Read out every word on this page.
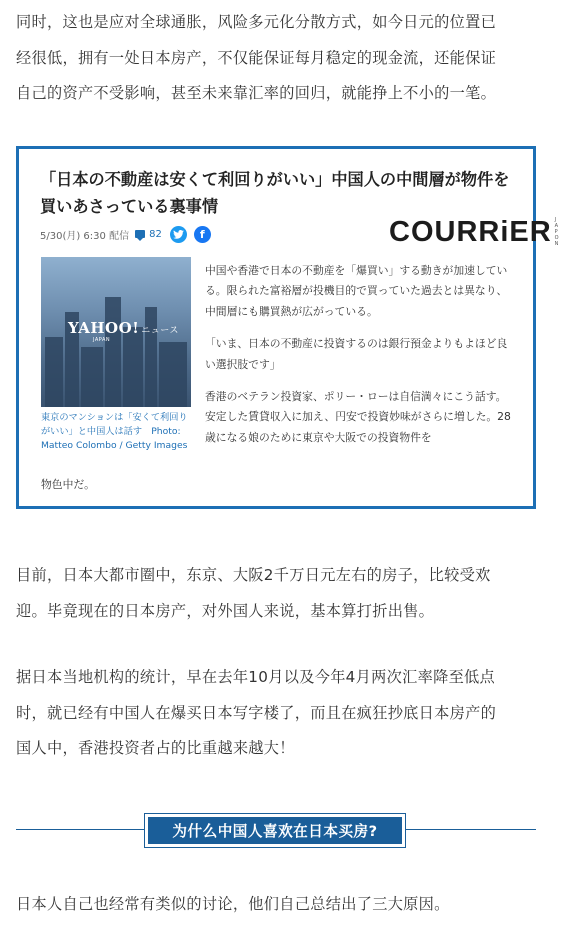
同时，这也是应对全球通胀，风险多元化分散方式，如今日元的位置已
经很低，拥有一处日本房产，不仅能保证每月稳定的现金流，还能保证
自己的资产不受影响，甚至未来靠汇率的回归，就能挣上不小的一笔。
「日本の不動産は安くて利回りがいい」中国人の中間層が物件を買いあさっている裏事情
5/30(月) 6:30 配信 82	f	COURRiER JAPON
YAHOO! ニュース
JAPAN
東京のマンションは「安くて利回りがいい」と中国人は話す　Photo: Matteo Colombo / Getty Images

中国や香港で日本の不動産を「爆買い」する動きが加速している。限られた富裕層が投機目的で買っていた過去とは異なり、中間層にも購買熱が広がっている。

「いま、日本の不動産に投資するのは銀行預金よりもよほど良い選択肢です」

香港のベテラン投資家、ポリー・ローは自信満々にこう話す。安定した賃貸収入に加え、円安で投資妙味がさらに増した。28歳になる娘のために東京や大阪での投資物件を

物色中だ。
目前，日本大都市圈中，东京、大阪2千万日元左右的房子，比较受欢
迎。毕竟现在的日本房产，对外国人来说，基本算打折出售。
据日本当地机构的统计，早在去年10月以及今年4月两次汇率降至低点
时，就已经有中国人在爆买日本写字楼了，而且在疯狂抄底日本房产的
国人中，香港投资者占的比重越来越大！
为什么中国人喜欢在日本买房?
日本人自己也经常有类似的讨论，他们自己总结出了三大原因。
